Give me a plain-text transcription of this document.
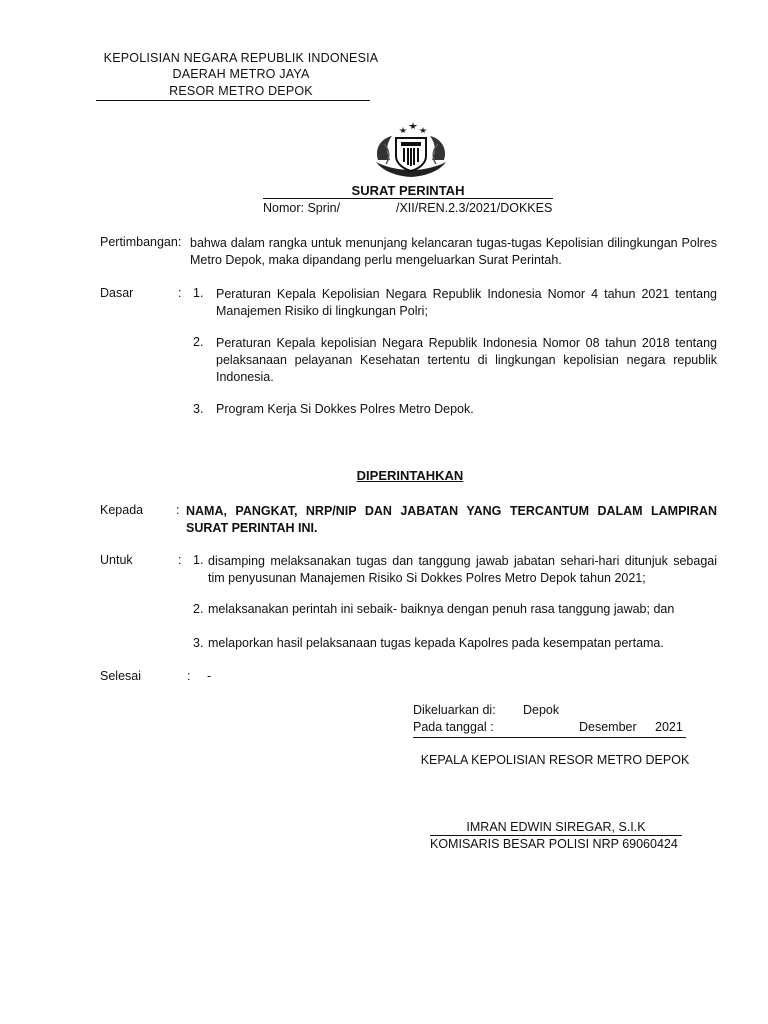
KEPOLISIAN NEGARA REPUBLIK INDONESIA
DAERAH METRO JAYA
RESOR METRO DEPOK
SURAT PERINTAH
Nomor: Sprin/	/XII/REN.2.3/2021/DOKKES
Pertimbangan: bahwa dalam rangka untuk menunjang kelancaran tugas-tugas Kepolisian dilingkungan Polres Metro Depok, maka dipandang perlu mengeluarkan Surat Perintah.
Dasar	: 1. Peraturan Kepala Kepolisian Negara Republik Indonesia Nomor 4 tahun 2021 tentang Manajemen Risiko di lingkungan Polri;
2. Peraturan Kepala kepolisian Negara Republik Indonesia Nomor 08 tahun 2018 tentang pelaksanaan pelayanan Kesehatan tertentu di lingkungan kepolisian negara republik Indonesia.
3. Program Kerja Si Dokkes Polres Metro Depok.
DIPERINTAHKAN
Kepada	: NAMA, PANGKAT, NRP/NIP DAN JABATAN YANG TERCANTUM DALAM LAMPIRAN SURAT PERINTAH INI.
Untuk	: 1. disamping melaksanakan tugas dan tanggung jawab jabatan sehari-hari ditunjuk sebagai tim penyusunan Manajemen Risiko Si Dokkes Polres Metro Depok tahun 2021;
2. melaksanakan perintah ini sebaik- baiknya dengan penuh rasa tanggung jawab; dan
3. melaporkan hasil pelaksanaan tugas kepada Kapolres pada kesempatan pertama.
Selesai	: -
Dikeluarkan di: Depok
Pada tanggal :	Desember 2021
KEPALA KEPOLISIAN RESOR METRO DEPOK
IMRAN EDWIN SIREGAR, S.I.K
KOMISARIS BESAR POLISI NRP 69060424
